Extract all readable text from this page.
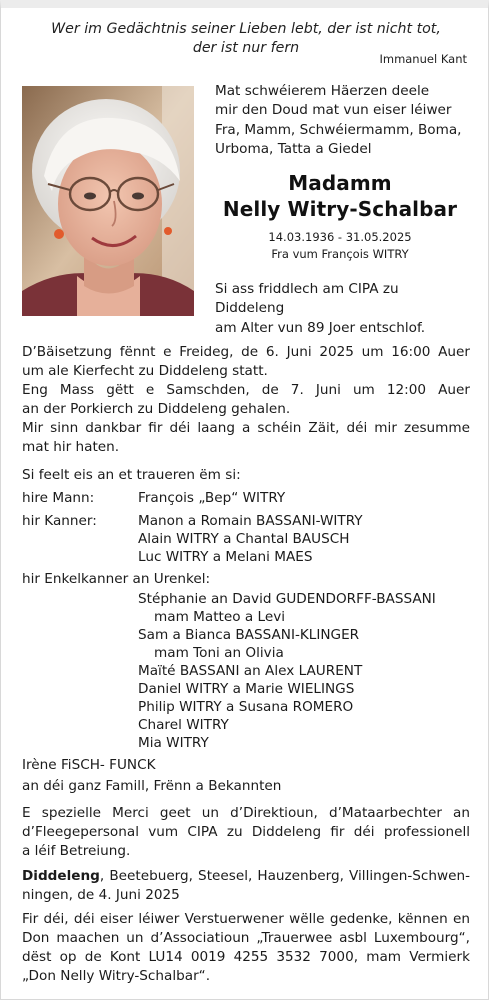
Wer im Gedächtnis seiner Lieben lebt, der ist nicht tot,
der ist nur fern
Immanuel Kant
Mat schwéierem Häerzen deele
mir den Doud mat vun eiser léiwer
Fra, Mamm, Schwéiermamm, Boma,
Urboma, Tatta a Giedel
Madamm
Nelly Witry-Schalbar
14.03.1936 - 31.05.2025
Fra vum François WITRY
Si ass friddlech am CIPA zu Diddeleng
am Alter vun 89 Joer entschlof.
D’Bäisetzung fënnt e Freideg, de 6. Juni 2025 um 16:00 Auer
um ale Kierfecht zu Diddeleng statt.
Eng Mass gëtt e Samschden, de 7. Juni um 12:00 Auer
an der Porkierch zu Diddeleng gehalen.
Mir sinn dankbar fir déi laang a schéin Zäit, déi mir zesumme
mat hir haten.
Si feelt eis an et traueren ëm si:
hire Mann:	François „Bep“ WITRY
hir Kanner:	Manon a Romain BASSANI-WITRY
Alain WITRY a Chantal BAUSCH
Luc WITRY a Melani MAES
hir Enkelkanner an Urenkel:
Stéphanie an David GUDENDORFF-BASSANI
mam Matteo a Levi
Sam a Bianca BASSANI-KLINGER
mam Toni an Olivia
Maïté BASSANI an Alex LAURENT
Daniel WITRY a Marie WIELINGS
Philip WITRY a Susana ROMERO
Charel WITRY
Mia WITRY
Irène FiSCH- FUNCK
an déi ganz Famill, Frënn a Bekannten
E spezielle Merci geet un d’Direktioun, d’Mataarbechter an
d’Fleegepersonal vum CIPA zu Diddeleng fir déi professionell
a léif Betreiung.
Diddeleng, Beetebuerg, Steesel, Hauzenberg, Villingen-Schwen-
ningen, de 4. Juni 2025
Fir déi, déi eiser léiwer Verstuerwener wëlle gedenke, kënnen en
Don maachen un d’Associatioun „Trauerwee asbl Luxembourg“,
dëst op de Kont LU14 0019 4255 3532 7000, mam Vermierk
„Don Nelly Witry-Schalbar“.
